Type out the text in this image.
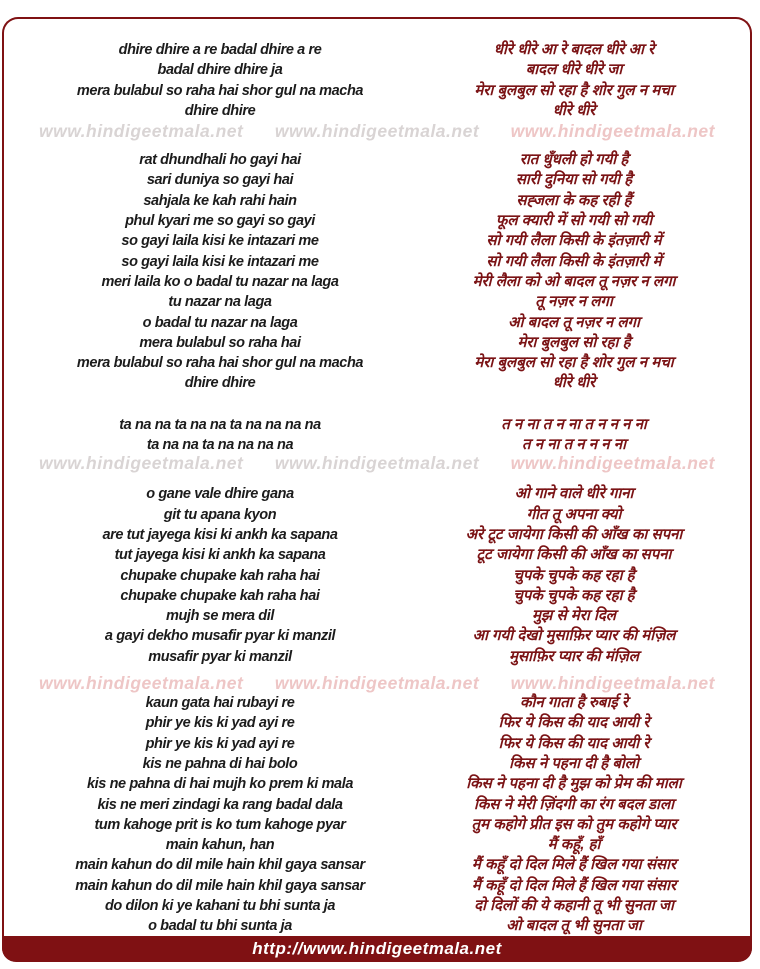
dhire dhire a re badal dhire a re
badal dhire dhire ja
mera bulabul so raha hai shor gul na macha
dhire dhire
rat dhundhali ho gayi hai
sari duniya so gayi hai
sahjala ke kah rahi hain
phul kyari me so gayi so gayi
so gayi laila kisi ke intazari me
so gayi laila kisi ke intazari me
meri laila ko o badal tu nazar na laga
tu nazar na laga
o badal tu nazar na laga
mera bulabul so raha hai
mera bulabul so raha hai shor gul na macha
dhire dhire
ta na na ta na na ta na na na na
ta na na ta na na na na
o gane vale dhire gana
git tu apana kyon
are tut jayega kisi ki ankh ka sapana
tut jayega kisi ki ankh ka sapana
chupake chupake kah raha hai
chupake chupake kah raha hai
mujh se mera dil
a gayi dekho musafir pyar ki manzil
musafir pyar ki manzil
kaun gata hai rubayi re
phir ye kis ki yad ayi re
phir ye kis ki yad ayi re
kis ne pahna di hai bolo
kis ne pahna di hai mujh ko prem ki mala
kis ne meri zindagi ka rang badal dala
tum kahoge prit is ko tum kahoge pyar
main kahun, han
main kahun do dil mile hain khil gaya sansar
main kahun do dil mile hain khil gaya sansar
do dilon ki ye kahani tu bhi sunta ja
o badal tu bhi sunta ja
धीरे धीरे आ रे बादल धीरे आ रे
बादल धीरे धीरे जा
मेरा बुलबुल सो रहा है शोर गुल न मचा
धीरे धीरे
रात धुँधली हो गयी है
सारी दुनिया सो गयी है
सह्जला के कह रही हैं
फूल क्यारी में सो गयी सो गयी
सो गयी लैला किसी के इंतज़ारी में
सो गयी लैला किसी के इंतज़ारी में
मेरी लैला को ओ बादल तू नज़र न लगा
तू नज़र न लगा
ओ बादल तू नज़र न लगा
मेरा बुलबुल सो रहा है
मेरा बुलबुल सो रहा है शोर गुल न मचा
धीरे धीरे
त न ना त न ना त न न न ना
त न ना त न न न ना
ओ गाने वाले धीरे गाना
गीत तू अपना क्यो
अरे टूट जायेगा किसी की आँख का सपना
टूट जायेगा किसी की आँख का सपना
चुपके चुपके कह रहा है
चुपके चुपके कह रहा है
मुझ से मेरा दिल
आ गयी देखो मुसाफ़िर प्यार की मंज़िल
मुसाफ़िर प्यार की मंज़िल
कौन गाता है रुबाई रे
फिर ये किस की याद आयी रे
फिर ये किस की याद आयी रे
किस ने पहना दी है बोलो
किस ने पहना दी है मुझ को प्रेम की माला
किस ने मेरी ज़िंदगी का रंग बदल डाला
तुम कहोगे प्रीत इस को तुम कहोगे प्यार
मैं कहूँ, हाँ
मैं कहूँ दो दिल मिले हैं खिल गया संसार
मैं कहूँ दो दिल मिले हैं खिल गया संसार
दो दिलों की ये कहानी तू भी सुनता जा
ओ बादल तू भी सुनता जा
www.hindigeetmala.net www.hindigeetmala.net www.hindigeetmala.net
www.hindigeetmala.net www.hindigeetmala.net www.hindigeetmala.net
www.hindigeetmala.net www.hindigeetmala.net www.hindigeetmala.net
http://www.hindigeetmala.net
